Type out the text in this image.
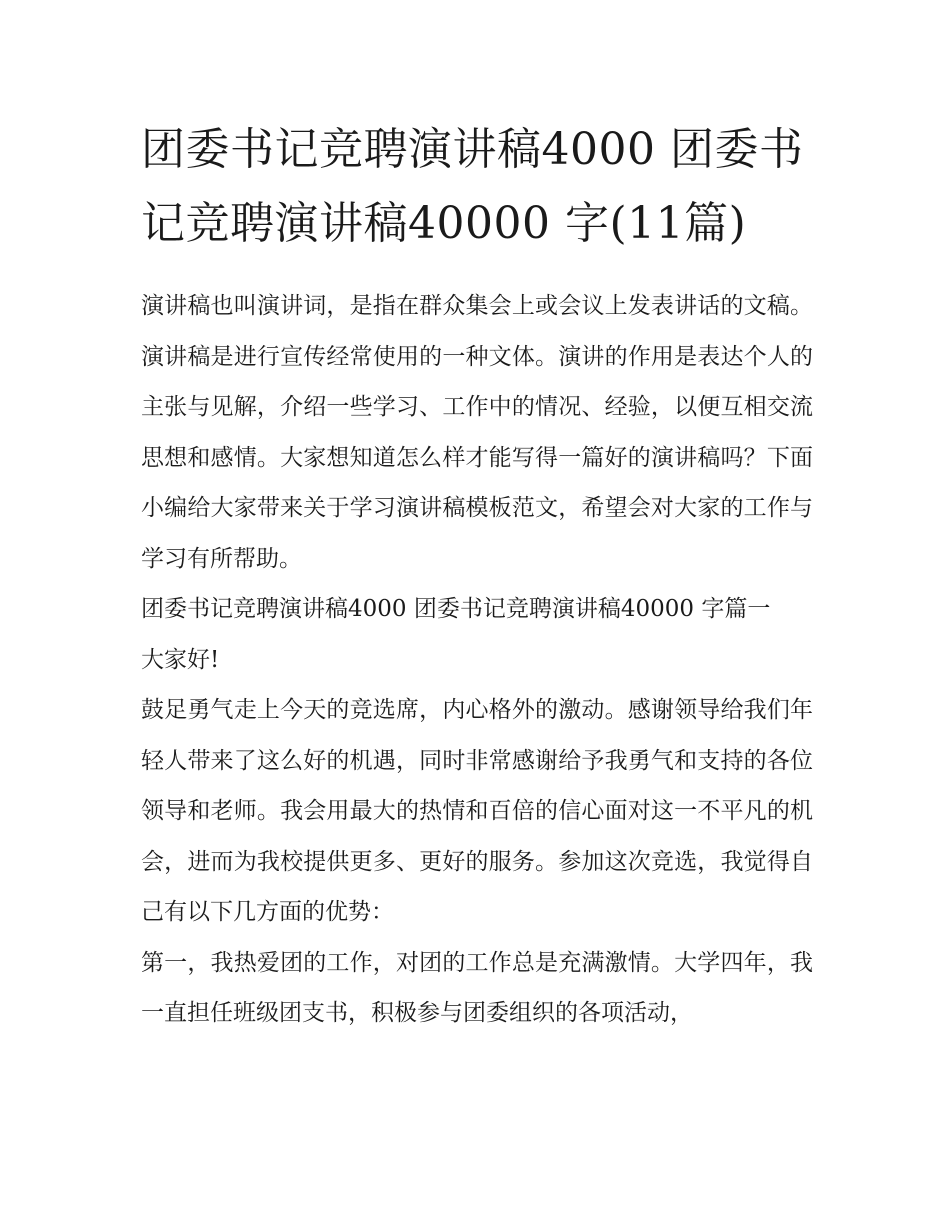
团委书记竞聘演讲稿4000 团委书记竞聘演讲稿40000 字(11篇)

演讲稿也叫演讲词，是指在群众集会上或会议上发表讲话的文稿。演讲稿是进行宣传经常使用的一种文体。演讲的作用是表达个人的主张与见解，介绍一些学习、工作中的情况、经验，以便互相交流思想和感情。大家想知道怎么样才能写得一篇好的演讲稿吗？下面小编给大家带来关于学习演讲稿模板范文，希望会对大家的工作与学习有所帮助。

团委书记竞聘演讲稿4000 团委书记竞聘演讲稿40000 字篇一

大家好!

鼓足勇气走上今天的竞选席，内心格外的激动。感谢领导给我们年轻人带来了这么好的机遇，同时非常感谢给予我勇气和支持的各位领导和老师。我会用最大的热情和百倍的信心面对这一不平凡的机会，进而为我校提供更多、更好的服务。参加这次竞选，我觉得自己有以下几方面的优势：

第一，我热爱团的工作，对团的工作总是充满激情。大学四年，我一直担任班级团支书，积极参与团委组织的各项活动，
